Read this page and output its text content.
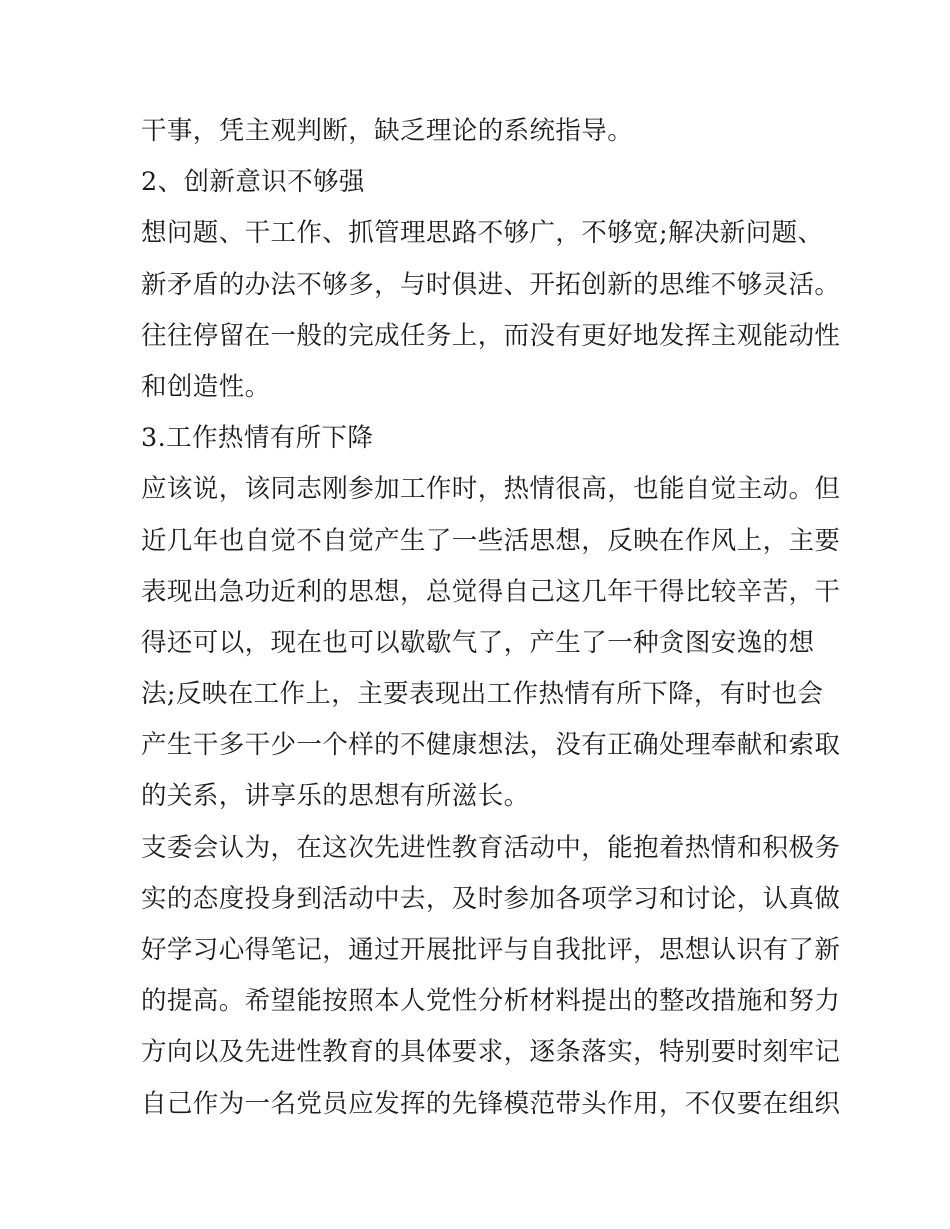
干事，凭主观判断，缺乏理论的系统指导。
2、创新意识不够强
想问题、干工作、抓管理思路不够广，不够宽;解决新问题、
新矛盾的办法不够多，与时俱进、开拓创新的思维不够灵活。
往往停留在一般的完成任务上，而没有更好地发挥主观能动性
和创造性。
3.工作热情有所下降
应该说，该同志刚参加工作时，热情很高，也能自觉主动。但
近几年也自觉不自觉产生了一些活思想，反映在作风上，主要
表现出急功近利的思想，总觉得自己这几年干得比较辛苦，干
得还可以，现在也可以歇歇气了，产生了一种贪图安逸的想
法;反映在工作上，主要表现出工作热情有所下降，有时也会
产生干多干少一个样的不健康想法，没有正确处理奉献和索取
的关系，讲享乐的思想有所滋长。
支委会认为，在这次先进性教育活动中，能抱着热情和积极务
实的态度投身到活动中去，及时参加各项学习和讨论，认真做
好学习心得笔记，通过开展批评与自我批评，思想认识有了新
的提高。希望能按照本人党性分析材料提出的整改措施和努力
方向以及先进性教育的具体要求，逐条落实，特别要时刻牢记
自己作为一名党员应发挥的先锋模范带头作用，不仅要在组织
